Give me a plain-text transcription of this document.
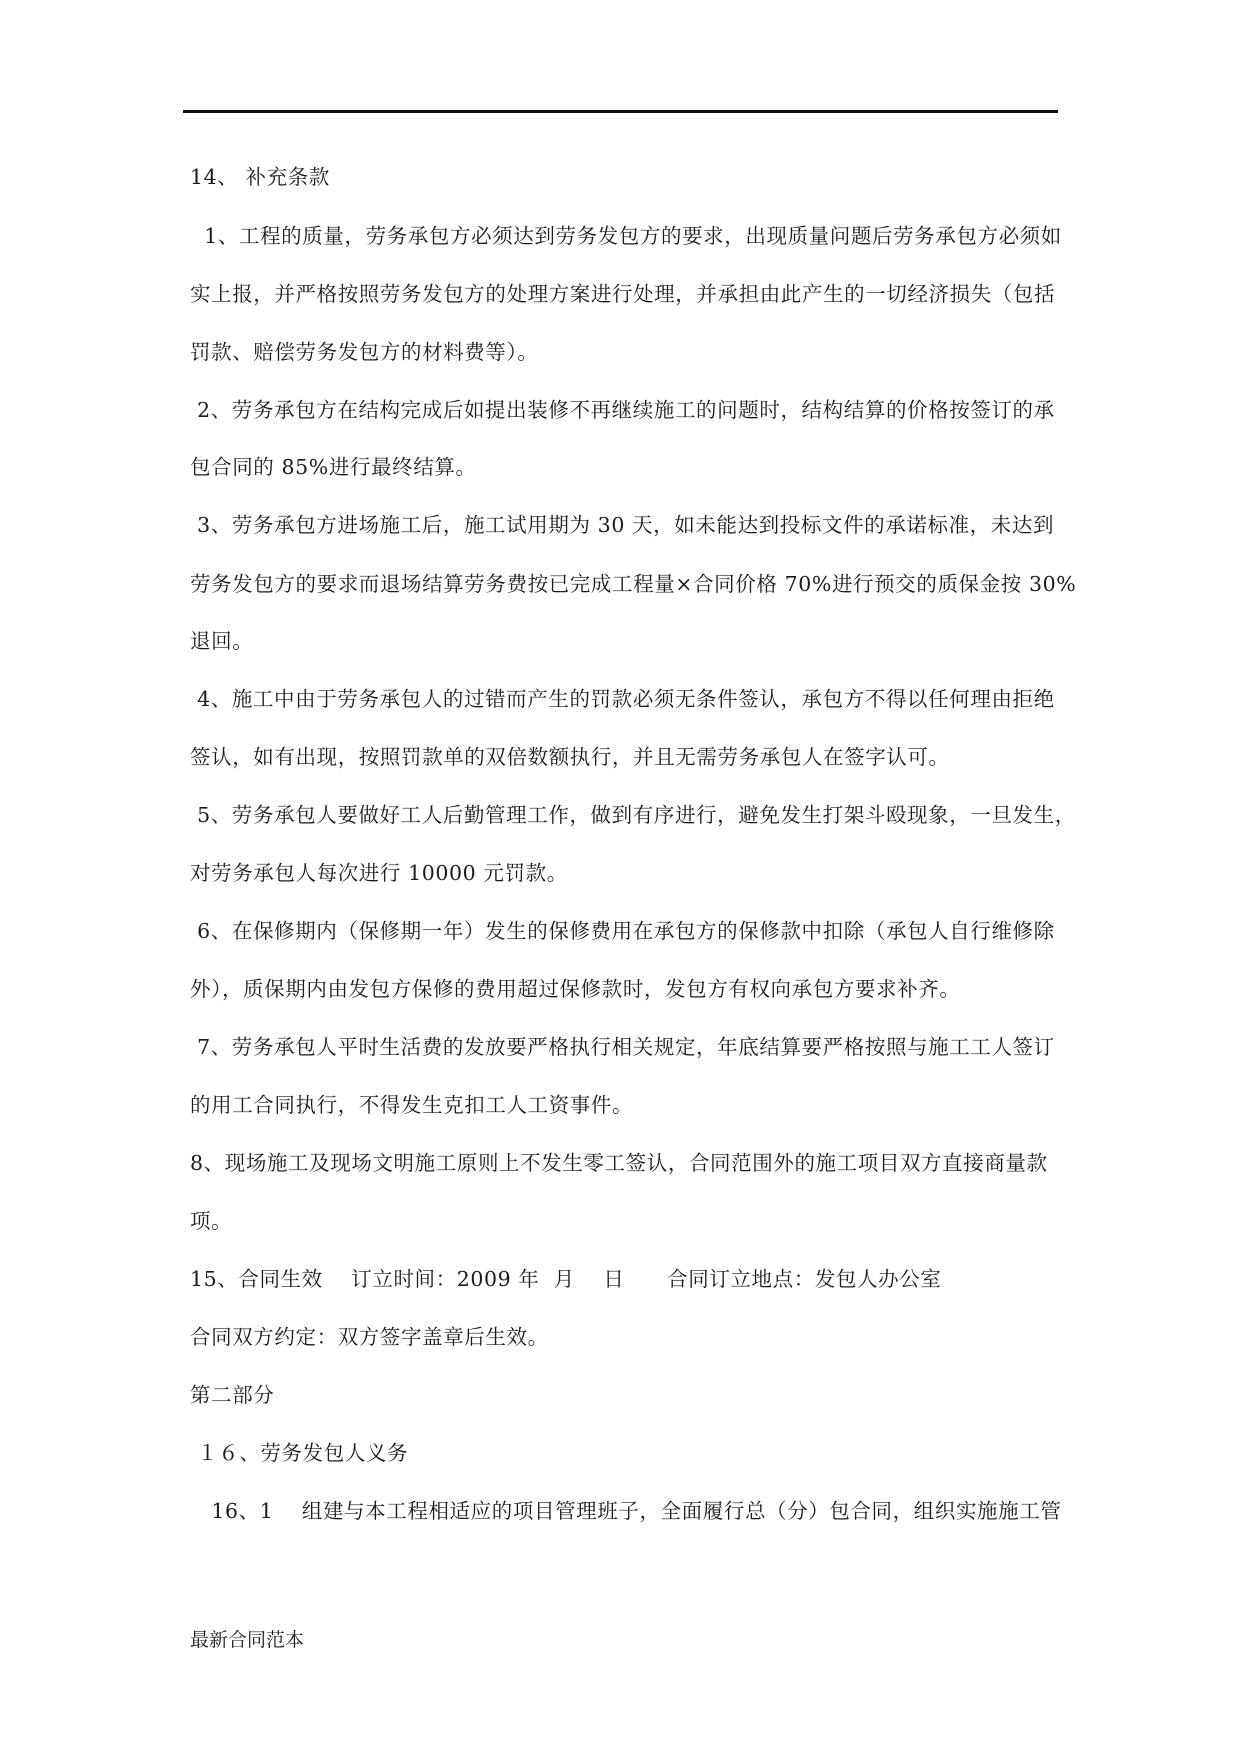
14、 补充条款
1、工程的质量，劳务承包方必须达到劳务发包方的要求，出现质量问题后劳务承包方必须如
实上报，并严格按照劳务发包方的处理方案进行处理，并承担由此产生的一切经济损失（包括
罚款、赔偿劳务发包方的材料费等）。
2、劳务承包方在结构完成后如提出装修不再继续施工的问题时，结构结算的价格按签订的承
包合同的 85%进行最终结算。
3、劳务承包方进场施工后，施工试用期为 30 天，如未能达到投标文件的承诺标准，未达到
劳务发包方的要求而退场结算劳务费按已完成工程量×合同价格 70%进行预交的质保金按 30%
退回。
4、施工中由于劳务承包人的过错而产生的罚款必须无条件签认，承包方不得以任何理由拒绝
签认，如有出现，按照罚款单的双倍数额执行，并且无需劳务承包人在签字认可。
5、劳务承包人要做好工人后勤管理工作，做到有序进行，避免发生打架斗殴现象，一旦发生，
对劳务承包人每次进行 10000 元罚款。
6、在保修期内（保修期一年）发生的保修费用在承包方的保修款中扣除（承包人自行维修除
外），质保期内由发包方保修的费用超过保修款时，发包方有权向承包方要求补齐。
7、劳务承包人平时生活费的发放要严格执行相关规定，年底结算要严格按照与施工工人签订
的用工合同执行，不得发生克扣工人工资事件。
8、现场施工及现场文明施工原则上不发生零工签认，合同范围外的施工项目双方直接商量款
项。
15、合同生效    订立时间：2009 年  月    日      合同订立地点：发包人办公室
合同双方约定：双方签字盖章后生效。
第二部分
１６、劳务发包人义务
16、1    组建与本工程相适应的项目管理班子，全面履行总（分）包合同，组织实施施工管
最新合同范本
